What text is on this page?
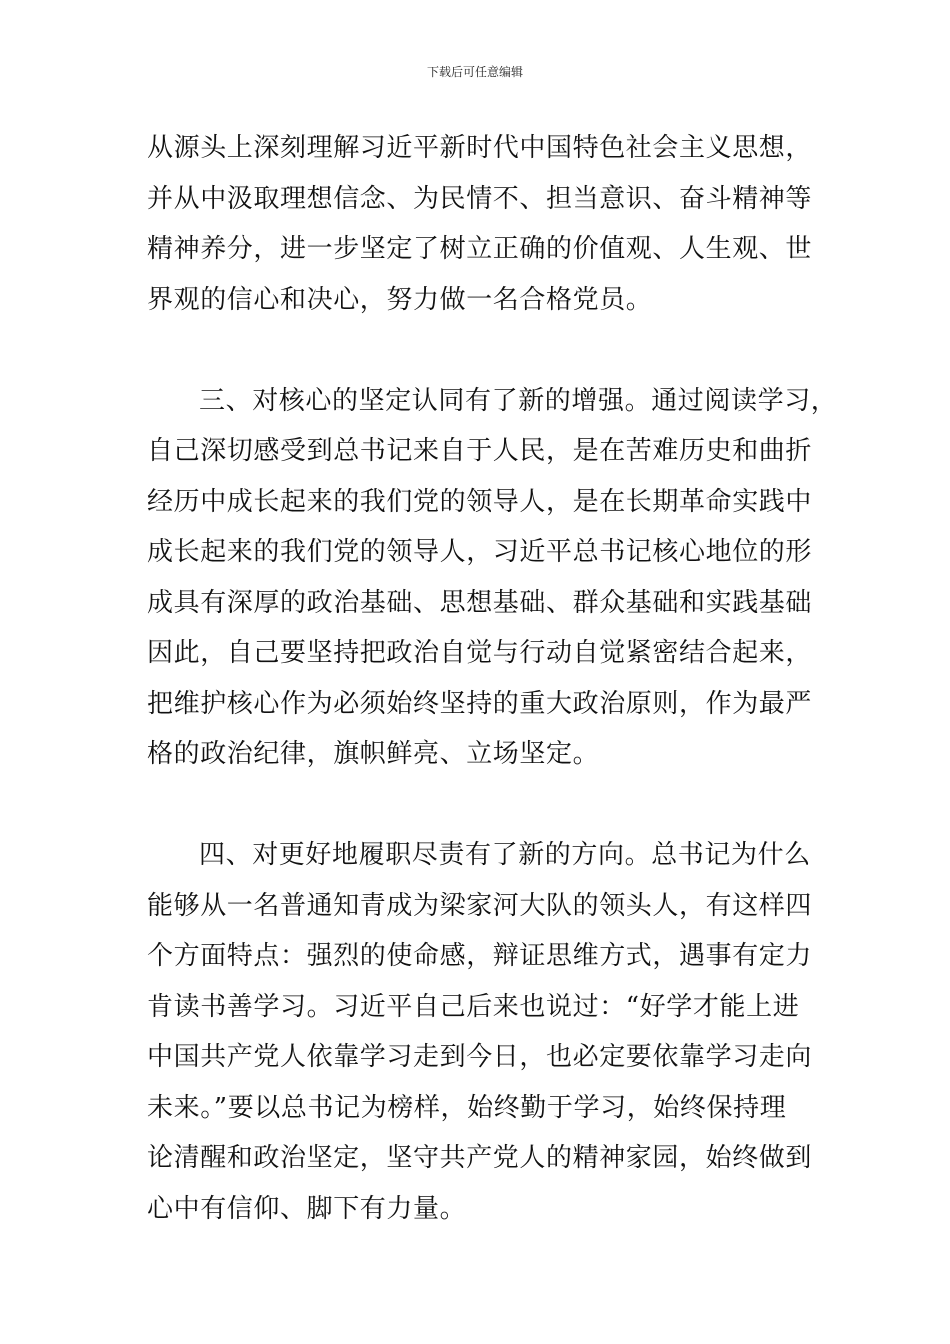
下载后可任意编辑
从源头上深刻理解习近平新时代中国特色社会主义思想，
并从中汲取理想信念、为民情不、担当意识、奋斗精神等
精神养分，进一步坚定了树立正确的价值观、人生观、世
界观的信心和决心，努力做一名合格党员。
三、对核心的坚定认同有了新的增强。通过阅读学习，
自己深切感受到总书记来自于人民，是在苦难历史和曲折
经历中成长起来的我们党的领导人，是在长期革命实践中
成长起来的我们党的领导人，习近平总书记核心地位的形
成具有深厚的政治基础、思想基础、群众基础和实践基础
因此，自己要坚持把政治自觉与行动自觉紧密结合起来，
把维护核心作为必须始终坚持的重大政治原则，作为最严
格的政治纪律，旗帜鲜亮、立场坚定。
四、对更好地履职尽责有了新的方向。总书记为什么
能够从一名普通知青成为梁家河大队的领头人，有这样四
个方面特点：强烈的使命感，辩证思维方式，遇事有定力
肯读书善学习。习近平自己后来也说过：“好学才能上进
中国共产党人依靠学习走到今日，也必定要依靠学习走向
未来。”要以总书记为榜样，始终勤于学习，始终保持理
论清醒和政治坚定，坚守共产党人的精神家园，始终做到
心中有信仰、脚下有力量。
